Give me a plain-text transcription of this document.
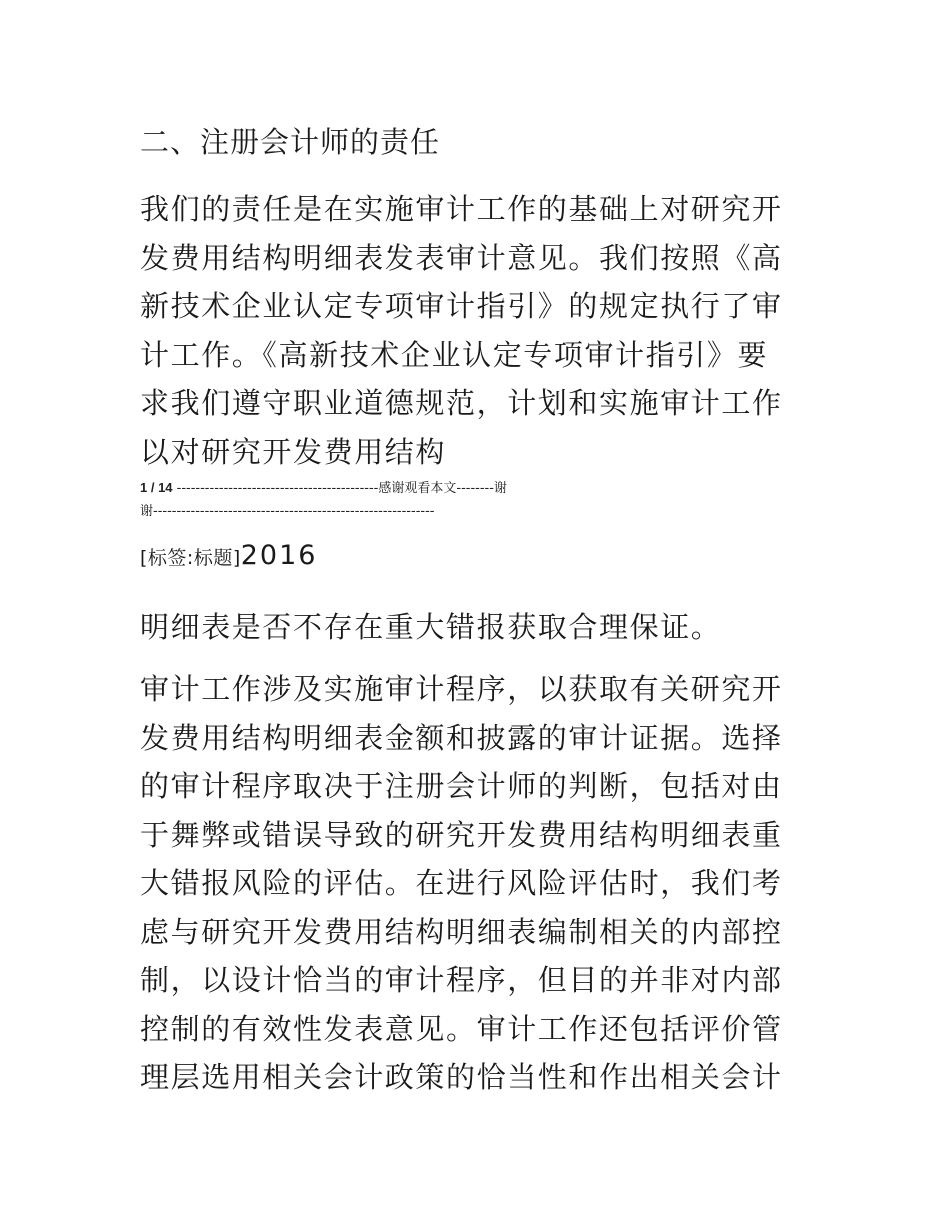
二、注册会计师的责任
我们的责任是在实施审计工作的基础上对研究开
发费用结构明细表发表审计意见。我们按照《高
新技术企业认定专项审计指引》的规定执行了审
计工作。《高新技术企业认定专项审计指引》要
求我们遵守职业道德规范，计划和实施审计工作
以对研究开发费用结构
1 / 14 -------------------------------------------感谢观看本文--------谢
谢------------------------------------------------------------
[标签:标题]2016
明细表是否不存在重大错报获取合理保证。
审计工作涉及实施审计程序，以获取有关研究开
发费用结构明细表金额和披露的审计证据。选择
的审计程序取决于注册会计师的判断，包括对由
于舞弊或错误导致的研究开发费用结构明细表重
大错报风险的评估。在进行风险评估时，我们考
虑与研究开发费用结构明细表编制相关的内部控
制，以设计恰当的审计程序，但目的并非对内部
控制的有效性发表意见。审计工作还包括评价管
理层选用相关会计政策的恰当性和作出相关会计
